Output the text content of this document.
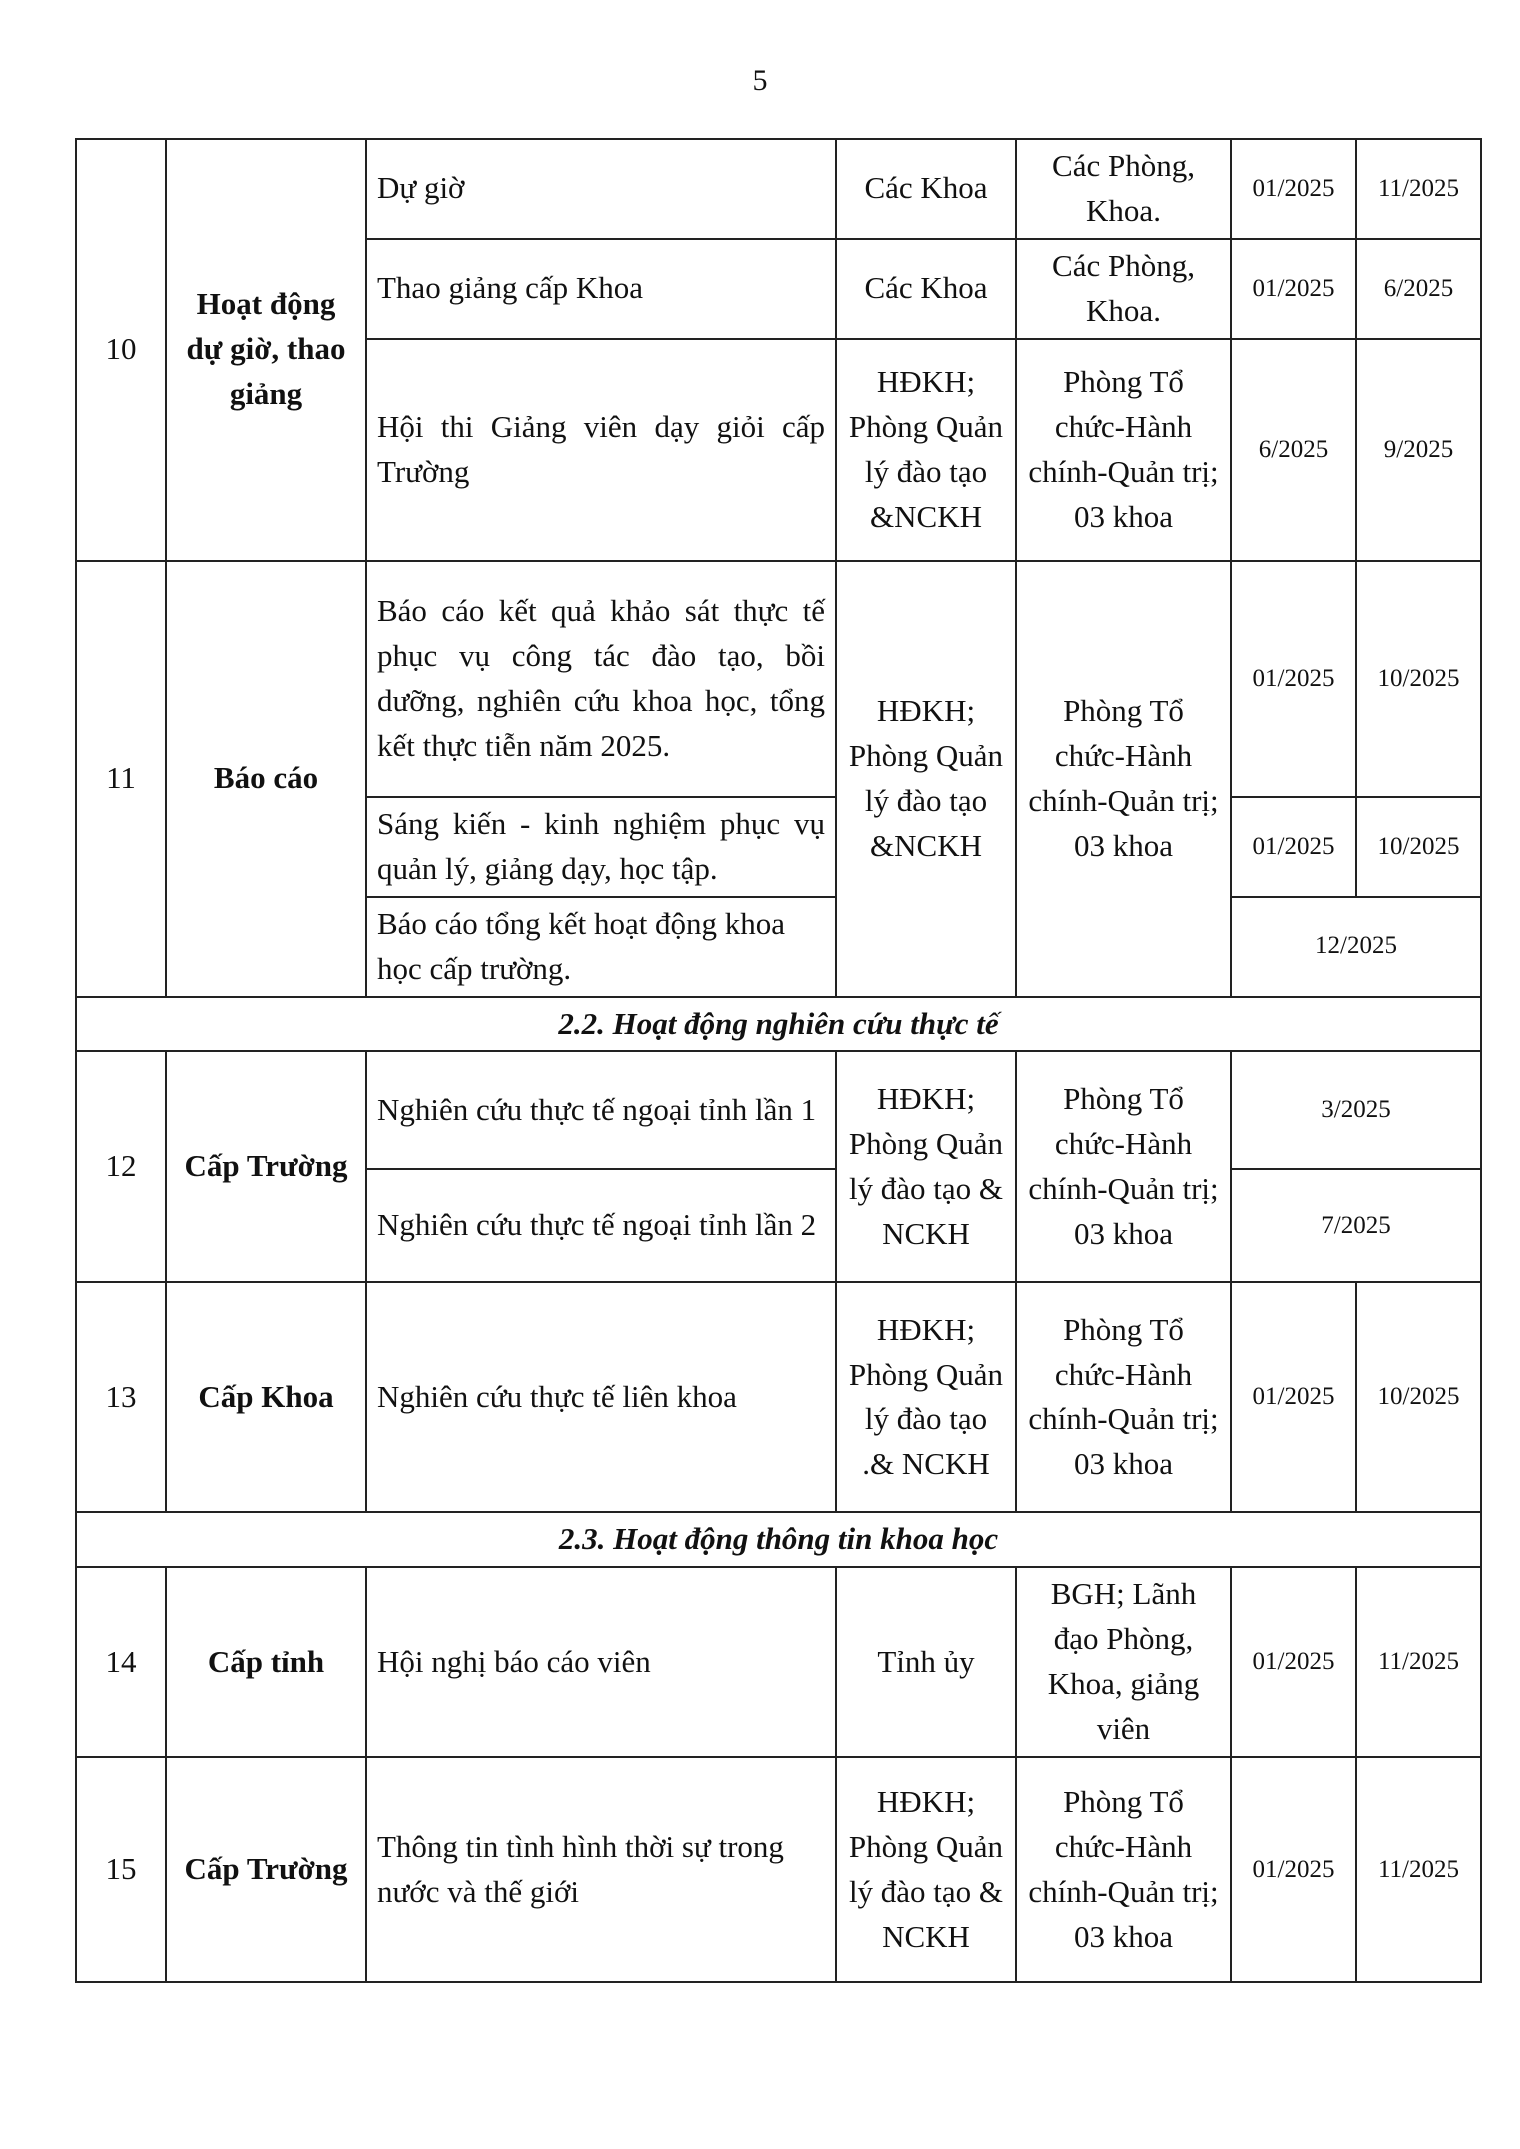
5
10	Hoạt động dự giờ, thao giảng	Dự giờ	Các Khoa	Các Phòng, Khoa.	01/2025	11/2025
		Thao giảng cấp Khoa	Các Khoa	Các Phòng, Khoa.	01/2025	6/2025
		Hội thi Giảng viên dạy giỏi cấp Trường	HĐKH; Phòng Quản lý đào tạo &NCKH	Phòng Tổ chức-Hành chính-Quản trị; 03 khoa	6/2025	9/2025
11	Báo cáo	Báo cáo kết quả khảo sát thực tế phục vụ công tác đào tạo, bồi dưỡng, nghiên cứu khoa học, tổng kết thực tiễn năm 2025.	HĐKH; Phòng Quản lý đào tạo &NCKH	Phòng Tổ chức-Hành chính-Quản trị; 03 khoa	01/2025	10/2025
		Sáng kiến - kinh nghiệm phục vụ quản lý, giảng dạy, học tập.			01/2025	10/2025
		Báo cáo tổng kết hoạt động khoa học cấp trường.			12/2025	
2.2. Hoạt động nghiên cứu thực tế						
12	Cấp Trường	Nghiên cứu thực tế ngoại tỉnh lần 1	HĐKH; Phòng Quản lý đào tạo & NCKH	Phòng Tổ chức-Hành chính-Quản trị; 03 khoa	3/2025	
		Nghiên cứu thực tế ngoại tỉnh lần 2			7/2025	
13	Cấp Khoa	Nghiên cứu thực tế liên khoa	HĐKH; Phòng Quản lý đào tạo .& NCKH	Phòng Tổ chức-Hành chính-Quản trị; 03 khoa	01/2025	10/2025
2.3. Hoạt động thông tin khoa học						
14	Cấp tỉnh	Hội nghị báo cáo viên	Tỉnh ủy	BGH; Lãnh đạo Phòng, Khoa, giảng viên	01/2025	11/2025
15	Cấp Trường	Thông tin tình hình thời sự trong nước và thế giới	HĐKH; Phòng Quản lý đào tạo & NCKH	Phòng Tổ chức-Hành chính-Quản trị; 03 khoa	01/2025	11/2025
